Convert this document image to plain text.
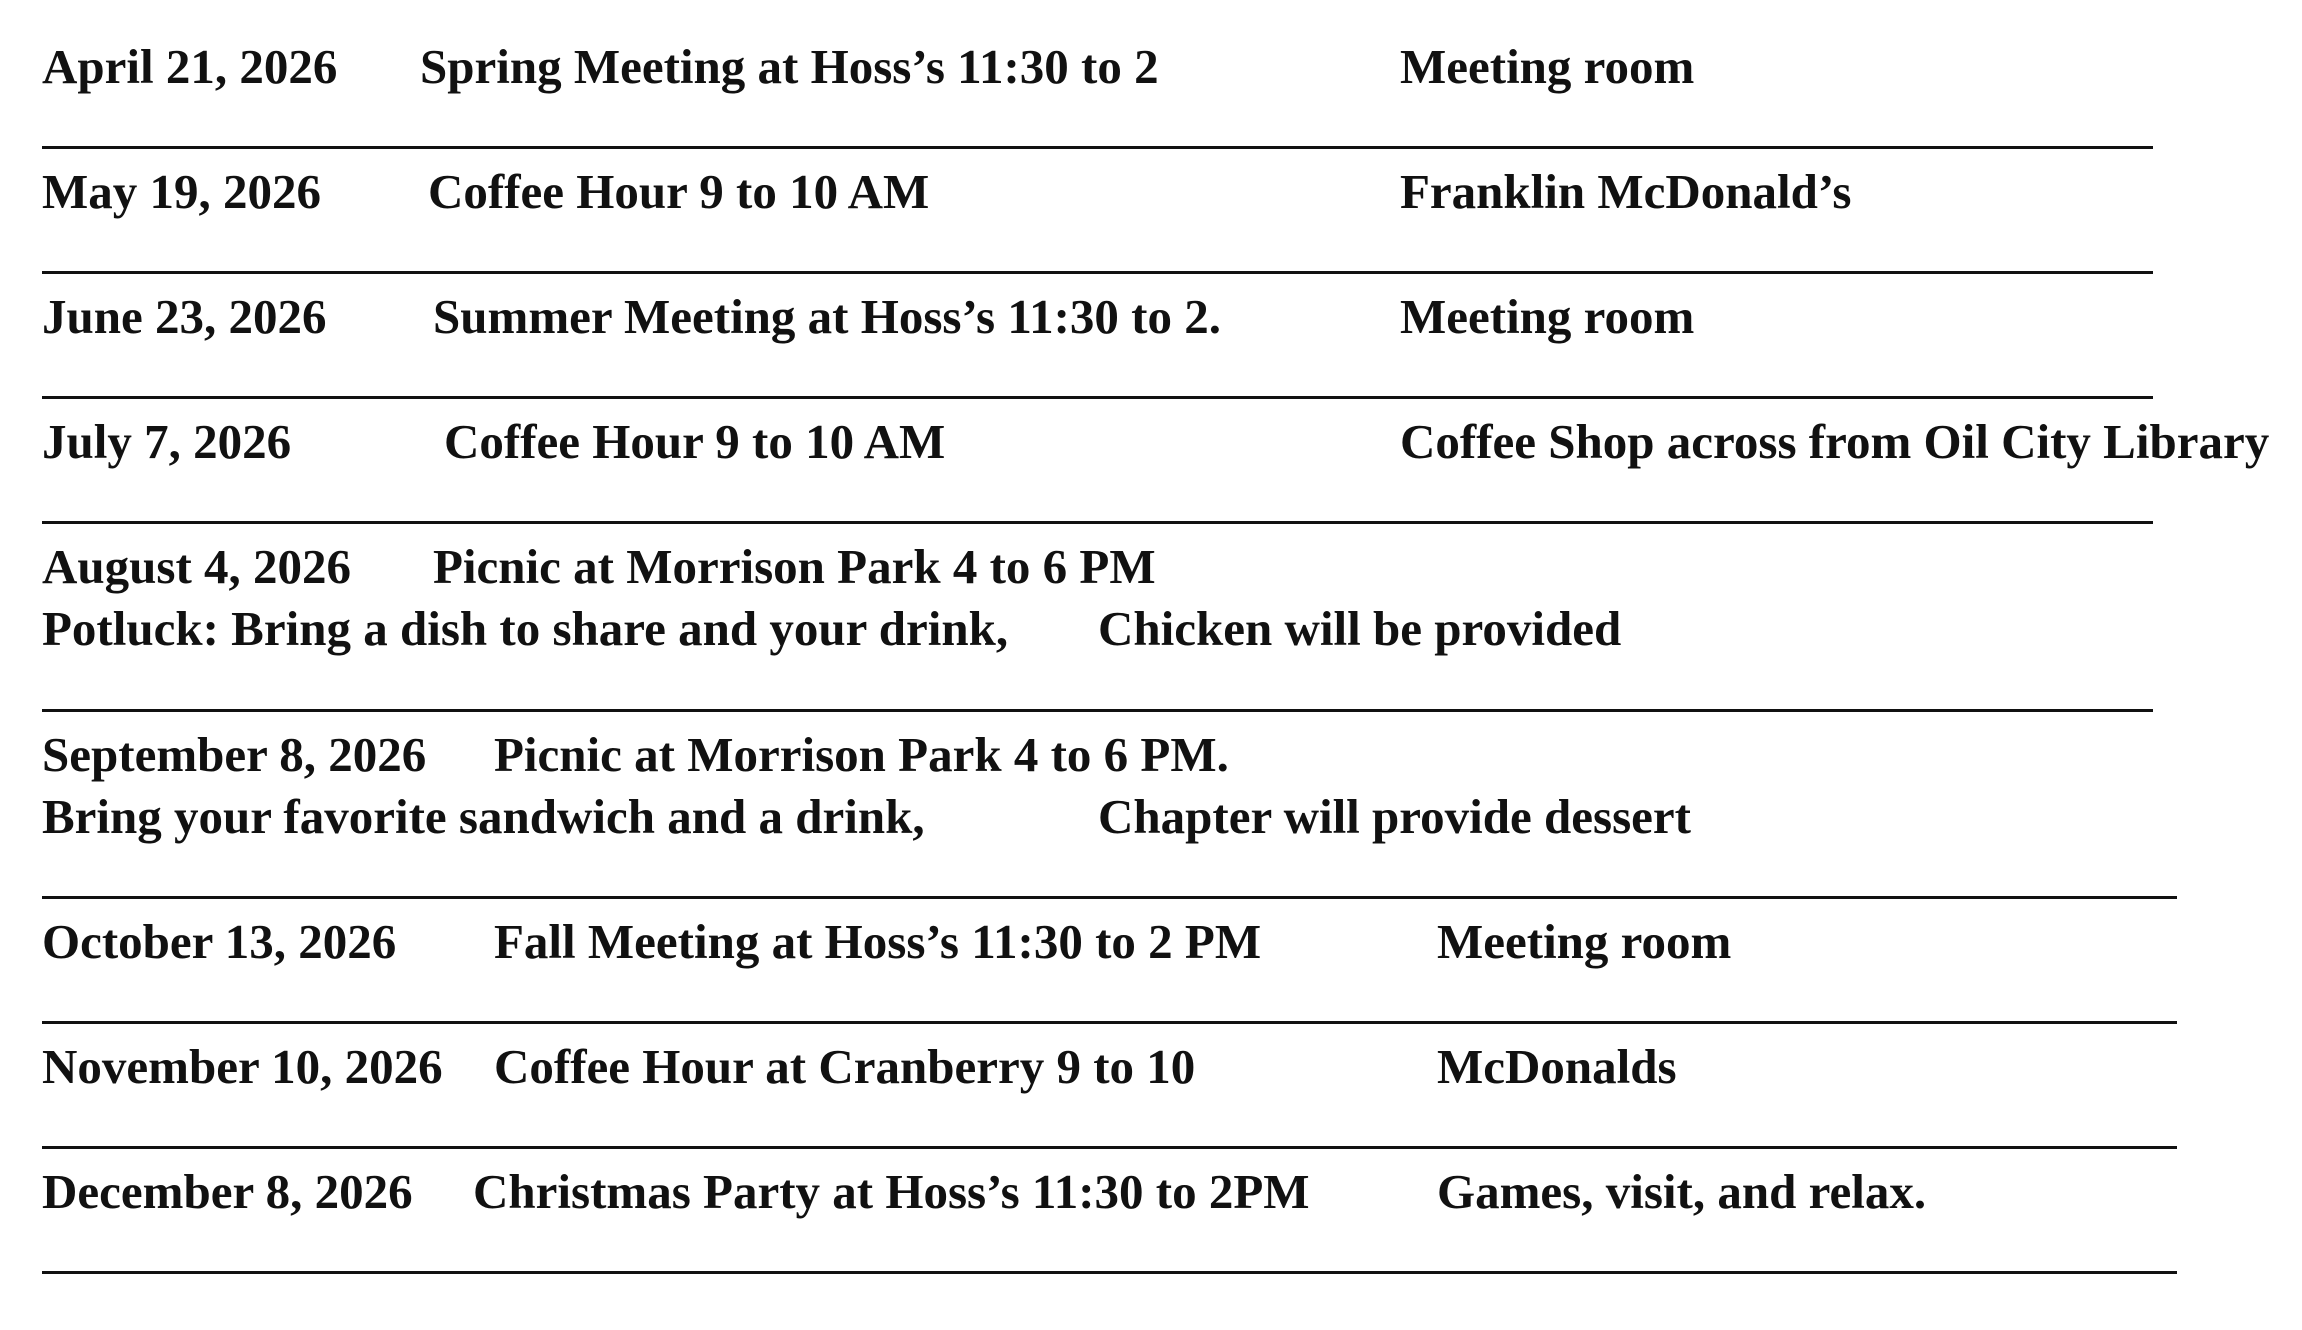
April 21, 2026 Spring Meeting at Hoss’s 11:30 to 2	Meeting room

May 19, 2026 Coffee Hour 9 to 10 AM	Franklin McDonald’s

June 23, 2026 Summer Meeting at Hoss’s 11:30 to 2.	Meeting room

July 7, 2026	Coffee Hour 9 to 10 AM	Coffee Shop across from Oil City Library

August 4, 2026 Picnic at Morrison Park 4 to 6 PM

Potluck: Bring a dish to share and your drink, Chicken will be provided

September 8, 2026 Picnic at Morrison Park 4 to 6 PM.

Bring your favorite sandwich and a drink,	Chapter will provide dessert

October 13, 2026 Fall Meeting at Hoss’s 11:30 to 2 PM	Meeting room

November 10, 2026 Coffee Hour at Cranberry 9 to 10	McDonalds

December 8, 2026 Christmas Party at Hoss’s 11:30 to 2PM	Games, visit, and relax.
